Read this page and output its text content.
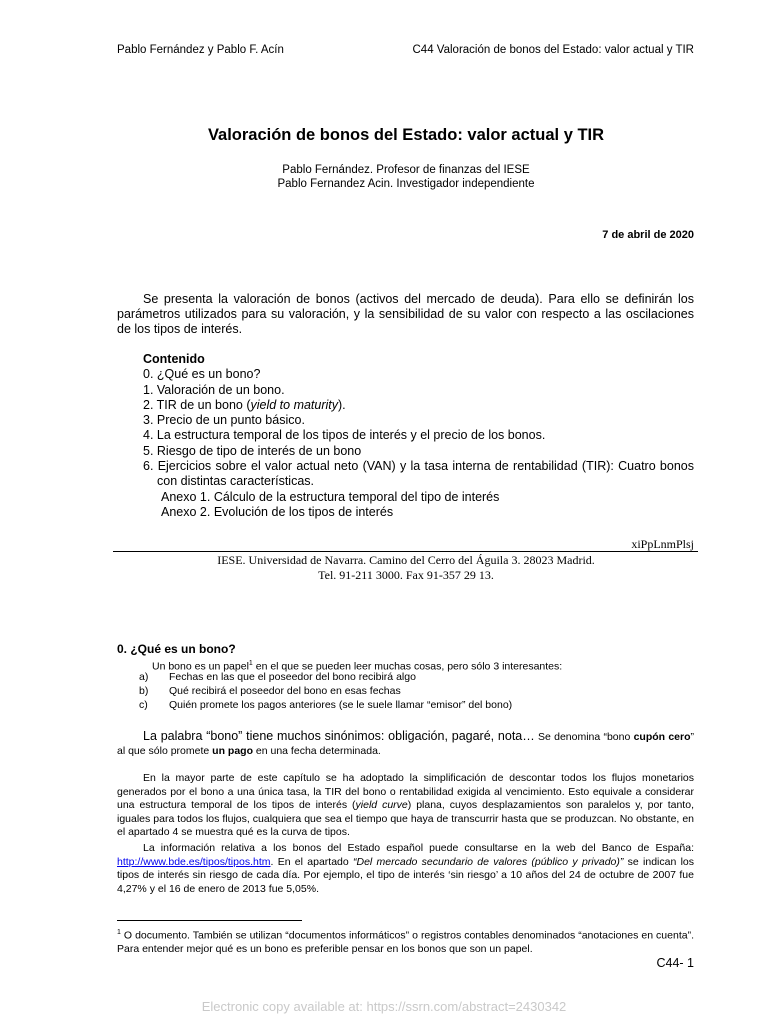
Pablo Fernández y Pablo F. Acín	C44 Valoración de bonos del Estado: valor actual y TIR
Valoración de bonos del Estado: valor actual y TIR
Pablo Fernández. Profesor de finanzas del IESE
Pablo Fernandez Acin. Investigador independiente
7 de abril de 2020
Se presenta la valoración de bonos (activos del mercado de deuda). Para ello se definirán los parámetros utilizados para su valoración, y la sensibilidad de su valor con respecto a las oscilaciones de los tipos de interés.
Contenido
0. ¿Qué es un bono?
1. Valoración de un bono.
2. TIR de un bono (yield to maturity).
3. Precio de un punto básico.
4. La estructura temporal de los tipos de interés y el precio de los bonos.
5. Riesgo de tipo de interés de un bono
6. Ejercicios sobre el valor actual neto (VAN) y la tasa interna de rentabilidad (TIR): Cuatro bonos con distintas características.
Anexo 1. Cálculo de la estructura temporal del tipo de interés
Anexo 2. Evolución de los tipos de interés
xiPpLnmPlsj
IESE. Universidad de Navarra. Camino del Cerro del Águila 3. 28023 Madrid.
Tel. 91-211 3000. Fax 91-357 29 13.
0. ¿Qué es un bono?
Un bono es un papel$^1$ en el que se pueden leer muchas cosas, pero sólo 3 interesantes:
a) Fechas en las que el poseedor del bono recibirá algo
b) Qué recibirá el poseedor del bono en esas fechas
c) Quién promete los pagos anteriores (se le suele llamar “emisor” del bono)
La palabra “bono” tiene muchos sinónimos: obligación, pagaré, nota… Se denomina “bono cupón cero” al que sólo promete un pago en una fecha determinada.
En la mayor parte de este capítulo se ha adoptado la simplificación de descontar todos los flujos monetarios generados por el bono a una única tasa, la TIR del bono o rentabilidad exigida al vencimiento. Esto equivale a considerar una estructura temporal de los tipos de interés (yield curve) plana, cuyos desplazamientos son paralelos y, por tanto, iguales para todos los flujos, cualquiera que sea el tiempo que haya de transcurrir hasta que se produzcan. No obstante, en el apartado 4 se muestra qué es la curva de tipos.
La información relativa a los bonos del Estado español puede consultarse en la web del Banco de España: http://www.bde.es/tipos/tipos.htm. En el apartado “Del mercado secundario de valores (público y privado)” se indican los tipos de interés sin riesgo de cada día. Por ejemplo, el tipo de interés ‘sin riesgo’ a 10 años del 24 de octubre de 2007 fue 4,27% y el 16 de enero de 2013 fue 5,05%.
$^1$ O documento. También se utilizan “documentos informáticos” o registros contables denominados “anotaciones en cuenta”. Para entender mejor qué es un bono es preferible pensar en los bonos que son un papel.
C44- 1
Electronic copy available at: https://ssrn.com/abstract=2430342
